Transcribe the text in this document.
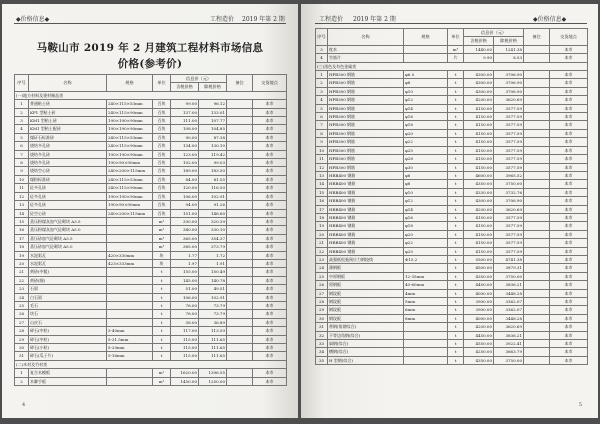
◆价格信息◆	工程造价 2019 年第 2 期
马鞍山市 2019 年 2 月建筑工程材料市场信息
价格(参考价)
序号	名称	规格	单位	信息价（元）		备注	交货地点
				含税价格	除税价格		
(一)地方材料及建材制品类							
1	普通粘土砖	240×115×53mm	百块	99.00	96.12		本市
2	KP1 型粘土砖	240×115×90mm	百块	137.00	133.01		本市
3	KM1 型粘土砖	190×190×90mm	百块	111.00	107.77		本市
4	KM1 型粘土配砖	190×190×90mm	百块	108.00	104.85		本市
5	煤矸石标准砖	240×115×53mm	百块	90.00	87.38		本市
6	烧结多孔砖	240×115×90mm	百块	134.00	130.10		本市
7	烧结多孔砖	190×190×90mm	百块	123.00	119.42		本市
8	烧结多孔砖	190×90×90mm	百块	102.00	99.03		本市
9	烧结空心砖	240×200×115mm	百块	189.00	183.50		本市
10	煤粉标准砖	240×115×53mm	百块	84.00	81.55		本市
11	砼多孔砖	240×115×90mm	百块	120.00	116.50		本市
12	砼多孔砖	190×190×90mm	百块	106.00	102.91		本市
13	砼多孔砖	190×90×90mm	百块	94.00	91.26		本市
14	砼空心砖	240×200×115mm	百块	151.00	146.60		本市
15	蒸压粉煤灰加气砼砌块 A3.5		m³	330.00	320.39		本市
16	蒸压粉煤灰加气砼砌块 A5.0		m³	340.00	330.10		本市
17	蒸压砂加气砼砌块 A3.5		m³	365.00	354.37		本市
18	蒸压砂加气砼砌块 A5.0		m³	385.00	373.79		本市
19	水泥彩瓦	420×330mm	块	1.77	1.72		本市
20	水泥彩瓦	423×333mm	块	1.97	1.91		本市
21	黄砂(中粗)		t	155.00	150.49		本市
22	黄砂(细)		t	145.00	140.78		本市
23	石屑		t	51.00	49.51		本市
24	白石屑		t	106.00	102.91		本市
25	毛石		t	76.00	73.79		本市
26	块石		t	76.00	73.79		本市
27	山皮石		t	38.00	36.89		本市
28	碎石(中粒)	5-40mm	t	117.00	113.59		本市
29	碎石(中粒)	5-31.5mm	t	115.00	111.65		本市
30	碎石(小粒)	5-20mm	t	115.00	111.65		本市
31	碎石(瓜子片)	5-16mm	t	115.00	111.65		本市
(二)木材及竹材类							
1	复合木模板		m²	1620.00	1396.55		本市
2	木脚手板		m³	1450.00	1250.00		本市
4
工程造价 2019 年第 2 期	◆价格信息◆
序号	名称	规格	单位	信息价（元）		备注	交货地点
				含税价格	除税价格		
3	枕木		m³	1440.00	1241.38		本市
4	竹筋片		片	9.90	8.53		本市
(三)黑色及有色金属类							
1	HPB300 钢筋	φ6.5	t	4300.00	3706.90		本市
2	HPB300 钢筋	φ8	t	4300.00	3706.90		本市
3	HPB300 钢筋	φ10	t	4300.00	3706.90		本市
4	HPB300 钢筋	φ12	t	4200.00	3620.69		本市
5	HPB300 钢筋	φ14	t	4150.00	3577.59		本市
6	HPB300 钢筋	φ16	t	4150.00	3577.59		本市
7	HPB300 钢筋	φ18	t	4150.00	3577.59		本市
8	HPB300 钢筋	φ20	t	4150.00	3577.59		本市
9	HPB300 钢筋	φ22	t	4150.00	3577.59		本市
10	HPB300 钢筋	φ25	t	4150.00	3577.59		本市
11	HPB300 钢筋	φ28	t	4150.00	3577.59		本市
12	HPB300 钢筋	φ30	t	4150.00	3577.59		本市
13	HRB400 钢筋	φ6	t	4600.00	3965.52		本市
14	HRB400 钢筋	φ8	t	4350.00	3750.00		本市
15	HRB400 钢筋	φ10	t	4330.00	3732.76		本市
16	HRB400 钢筋	φ12	t	4300.00	3706.90		本市
17	HRB400 钢筋	φ14	t	4200.00	3620.69		本市
18	HRB400 钢筋	φ16	t	4150.00	3577.59		本市
19	HRB400 钢筋	φ18	t	4150.00	3577.59		本市
20	HRB400 钢筋	φ20	t	4150.00	3577.59		本市
21	HRB400 钢筋	φ22	t	4150.00	3577.59		本市
22	HRB400 钢筋	φ25	t	4150.00	3577.59		本市
23	高强低松弛预应力钢绞线	Φ15.2	t	5500.00	4741.38		本市
24	薄钢板		t	4500.00	3879.31		本市
25	中厚钢板	12-35mm	t	4350.00	3750.00		本市
26	厚钢板	40-60mm	t	4450.00	3836.21		本市
27	钢纹板	4mm	t	4000.00	3448.28		本市
28	钢纹板	5mm	t	3900.00	3362.07		本市
29	钢纹板	6mm	t	3900.00	3362.07		本市
30	钢纹板	8mm	t	4000.00	3448.28		本市
31	带钢(角钢综合)		t	4200.00	3620.69		本市
32	不等边角钢(综合)		t	4450.00	3836.21		本市
33	扁钢(综合)		t	4550.00	3922.41		本市
34	槽钢(综合)		t	4250.00	3663.79		本市
35	H 型钢(综合)		t	4350.00	3750.00		本市
5
